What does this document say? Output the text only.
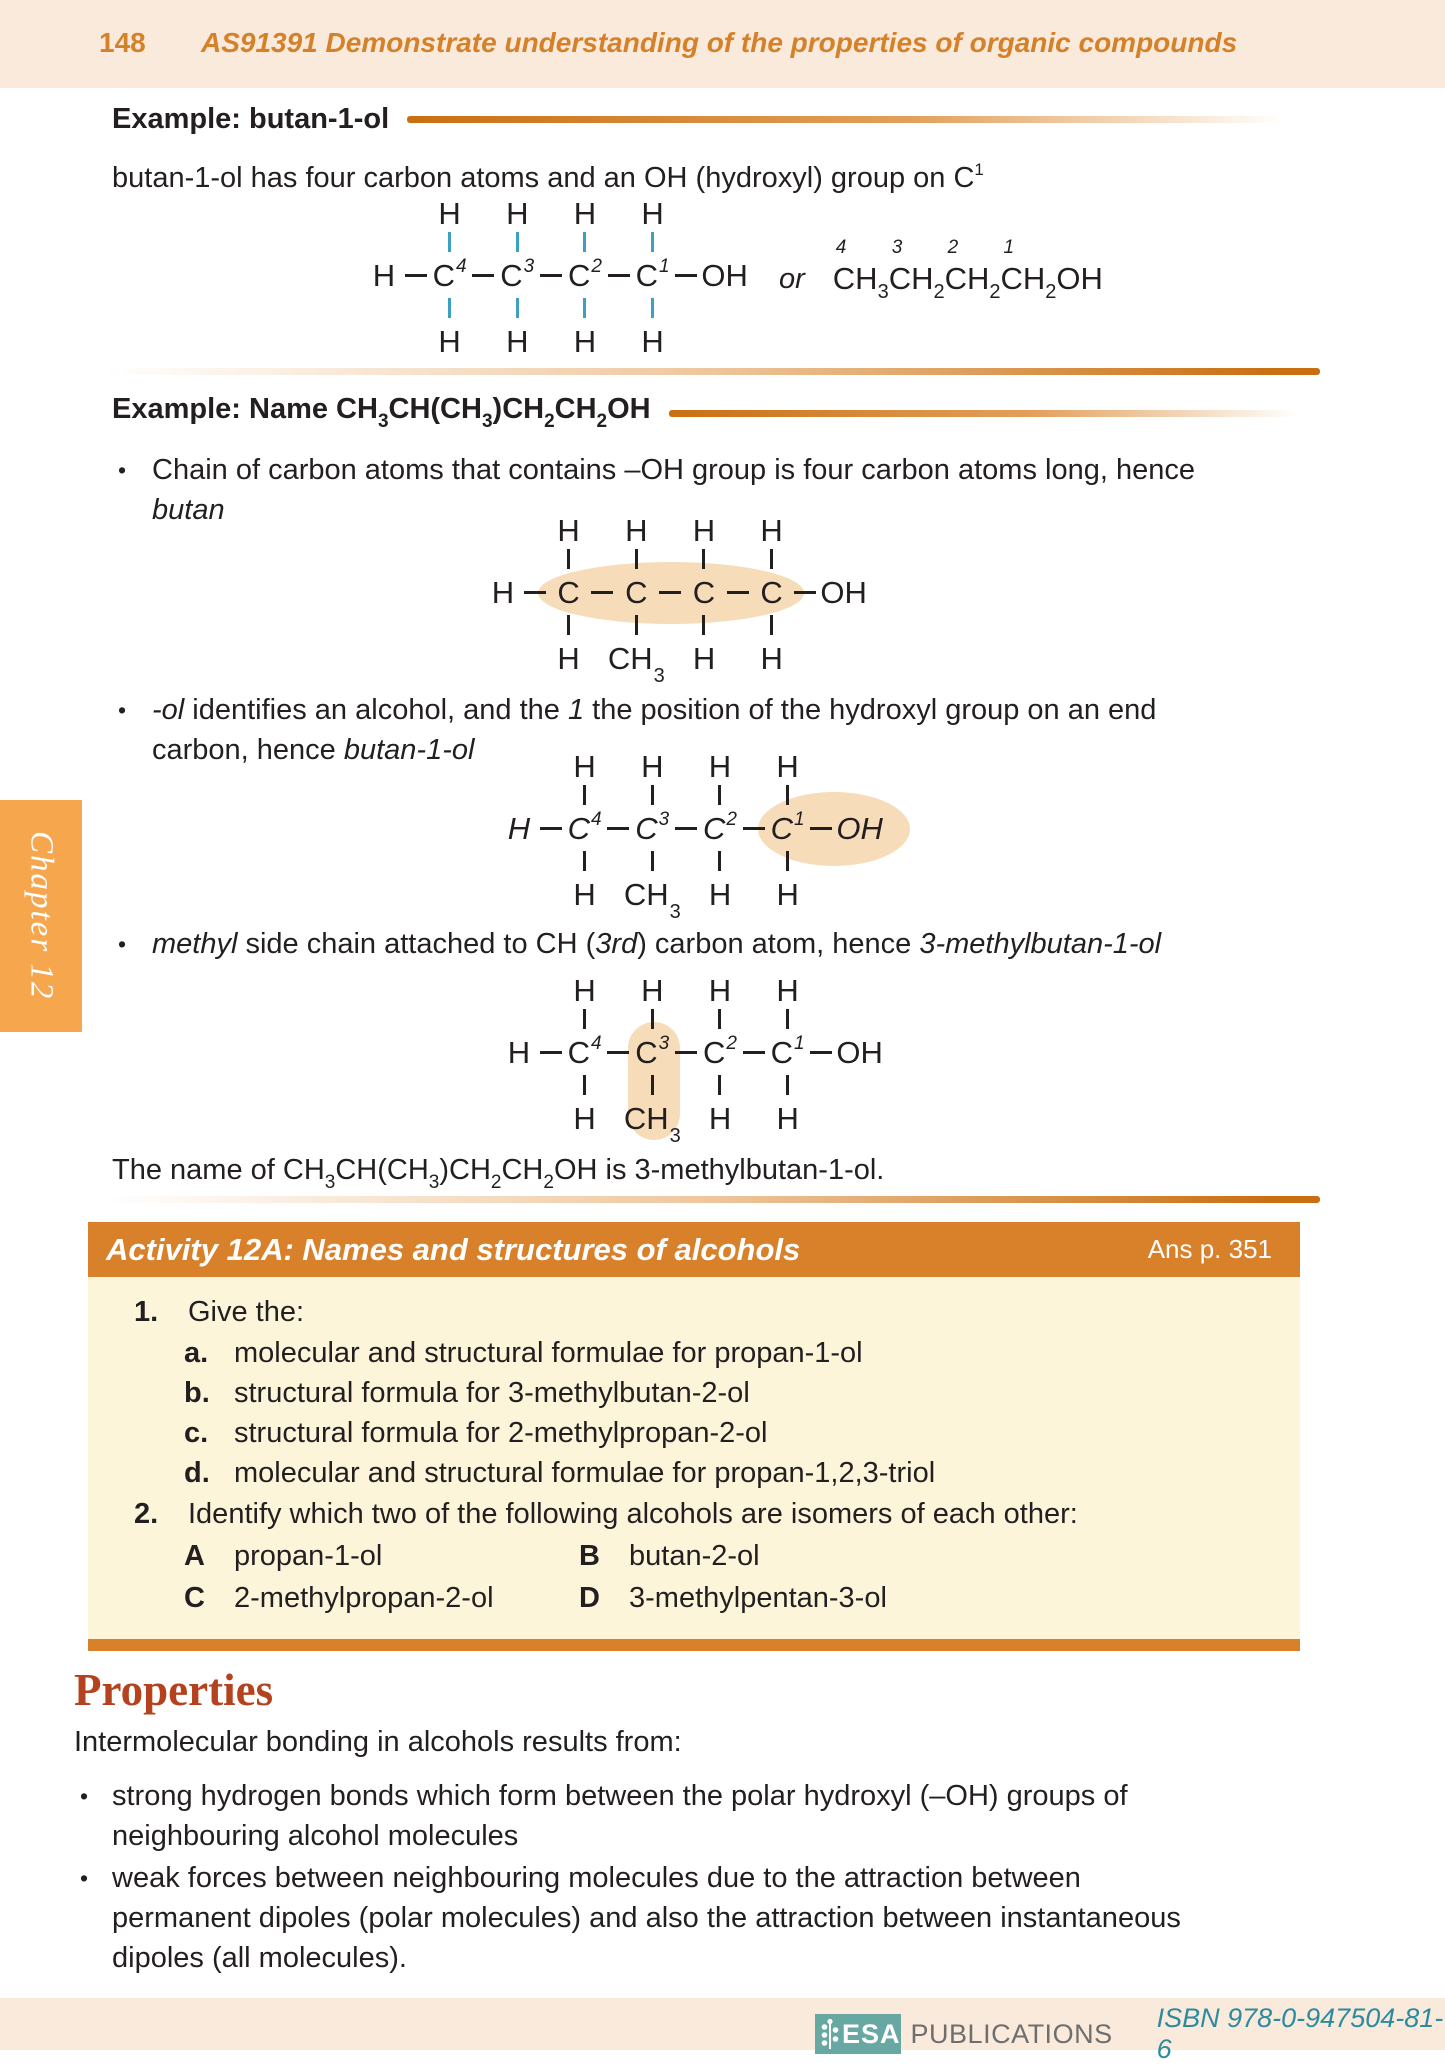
148 AS91391 Demonstrate understanding of the properties of organic compounds
Chapter 12
Example: butan-1-ol
butan-1-ol has four carbon atoms and an OH (hydroxyl) group on $C^1$
H H H H
H C 4 C 3 C 2 C 1 OH
H H H H
or
4
$CH_3$
3
$CH_2$
2
$CH_2$
1
$CH_2OH$
Example: Name $CH_3CH(CH_3)CH_2CH_2OH$
• Chain of carbon atoms that contains –OH group is four carbon atoms long, hence
butan
H H H H
H C C C C OH
H CH
3
H H
• -ol identifies an alcohol, and the 1 the position of the hydroxyl group on an end
carbon, hence butan-1-ol	H H H H
H C 4 C 3 C 2 C 1 OH
H CH
3
H H
• methyl side chain attached to CH (3rd) carbon atom, hence 3-methylbutan-1-ol
H H H H
H C 4 C 3 C 2 C 1 OH
H CH
3
H H
The name of $CH_3CH(CH_3)CH_2CH_2OH$ is 3-methylbutan-1-ol.
Activity 12A: Names and structures of alcohols	Ans p. 351
1.	Give the:
a. molecular and structural formulae for propan-1-ol
b. structural formula for 3-methylbutan-2-ol
c. structural formula for 2-methylpropan-2-ol
d. molecular and structural formulae for propan-1,2,3-triol
2.	Identify which two of the following alcohols are isomers of each other:
A	propan-1-ol	B	butan-2-ol
C	2-methylpropan-2-ol	D	3-methylpentan-3-ol
Properties
Intermolecular bonding in alcohols results from:
• strong hydrogen bonds which form between the polar hydroxyl (–OH) groups of
neighbouring alcohol molecules
• weak forces between neighbouring molecules due to the attraction between
permanent dipoles (polar molecules) and also the attraction between instantaneous
dipoles (all molecules).
ESA PUBLICATIONS
ISBN 978-0-947504-81-6
